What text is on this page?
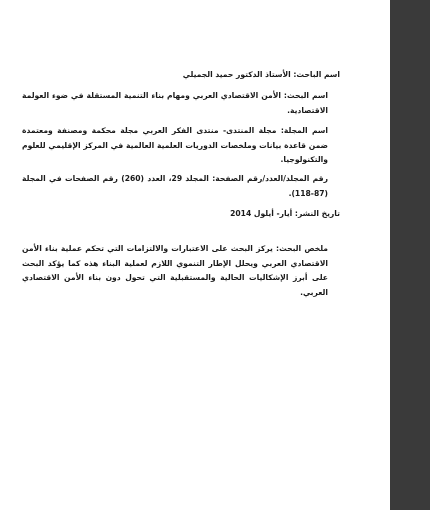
اسم الباحث: الأستاذ الدكتور حميد الجميلي
اسم البحث: الأمن الاقتصادي العربي ومهام بناء التنمية المستقلة في ضوء العولمة الاقتصادية.
اسم المجلة: مجلة المنتدى- منتدى الفكر العربي مجلة محكمة ومصنفة ومعتمدة ضمن قاعدة بيانات وملخصات الدوريات العلمية العالمية في المركز الإقليمي للعلوم والتكنولوجيا.
رقم المجلد/العدد/رقم الصفحة: المجلد 29، العدد (260) رقم الصفحات في المجلة (87-118).
تاريخ النشر: أيار- أيلول 2014
ملخص البحث: يركز البحث على الاعتبارات والالتزامات التي تحكم عملية بناء الأمن الاقتصادي العربي ويحلل الإطار التنموي اللازم لعملية البناء هذه كما يؤكد البحث على أبرز الإشكاليات الحالية والمستقبلية التي تحول دون بناء الأمن الاقتصادي العربي.
